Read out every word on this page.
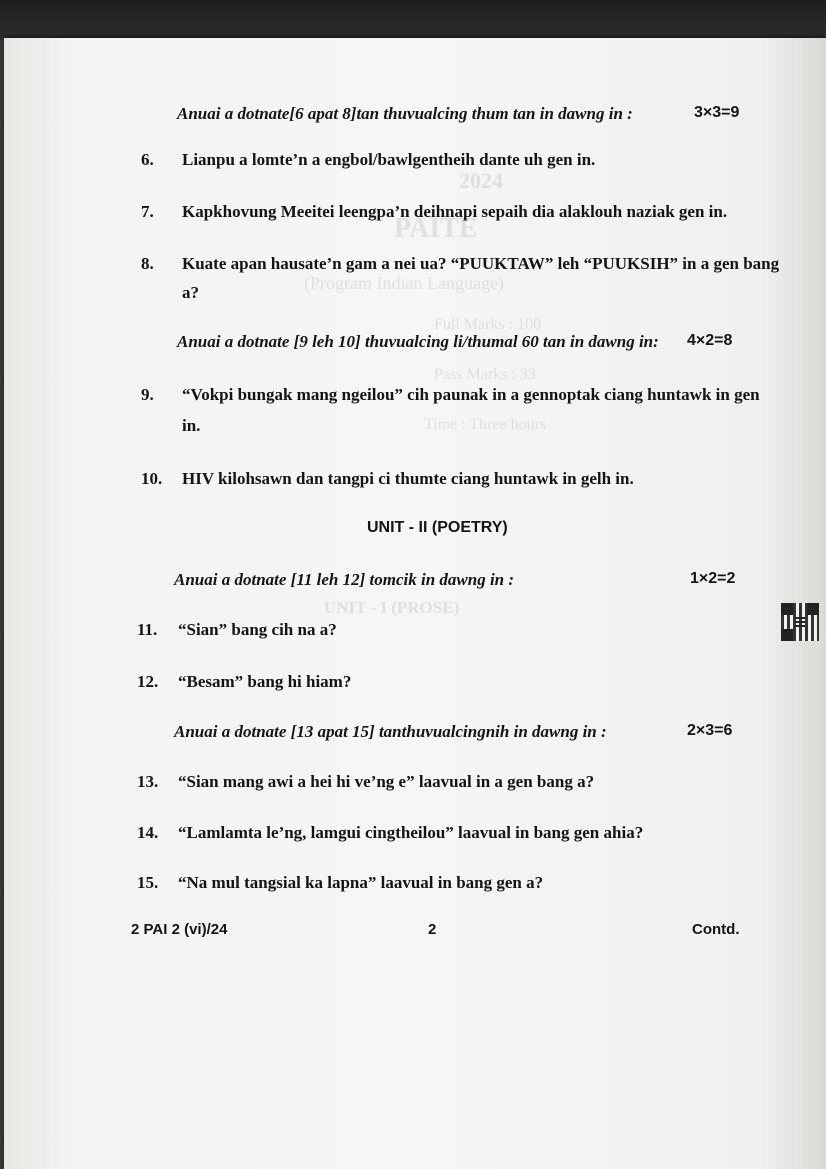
2024
PAITE
(Program Indian Language)
Full Marks : 100
Pass Marks : 33
Time : Three hours
UNIT - I (PROSE)
Anuai a dotnate[6 apat 8]tan thuvualcing thum tan in dawng in :	3×3=9
6. Lianpu a lomte’n a engbol/bawlgentheih dante uh gen in.
7. Kapkhovung Meeitei leengpa’n deihnapi sepaih dia alaklouh naziak gen in.
8. Kuate apan hausate’n gam a nei ua? “PUUKTAW” leh “PUUKSIH” in a gen bang
a?
Anuai a dotnate [9 leh 10] thuvualcing li/thumal 60 tan in dawng in: 4×2=8
9. “Vokpi bungak mang ngeilou” cih paunak in a gennoptak ciang huntawk in gen
in.
10. HIV kilohsawn dan tangpi ci thumte ciang huntawk in gelh in.
UNIT - II (POETRY)
Anuai a dotnate [11 leh 12] tomcik in dawng in :	1×2=2
11. “Sian” bang cih na a?
12. “Besam” bang hi hiam?
Anuai a dotnate [13 apat 15] tanthuvualcingnih in dawng in :	2×3=6
13. “Sian mang awi a hei hi ve’ng e” laavual in a gen bang a?
14. “Lamlamta le’ng, lamgui cingtheilou” laavual in bang gen ahia?
15. “Na mul tangsial ka lapna” laavual in bang gen a?
2 PAI 2 (vi)/24	2	Contd.
